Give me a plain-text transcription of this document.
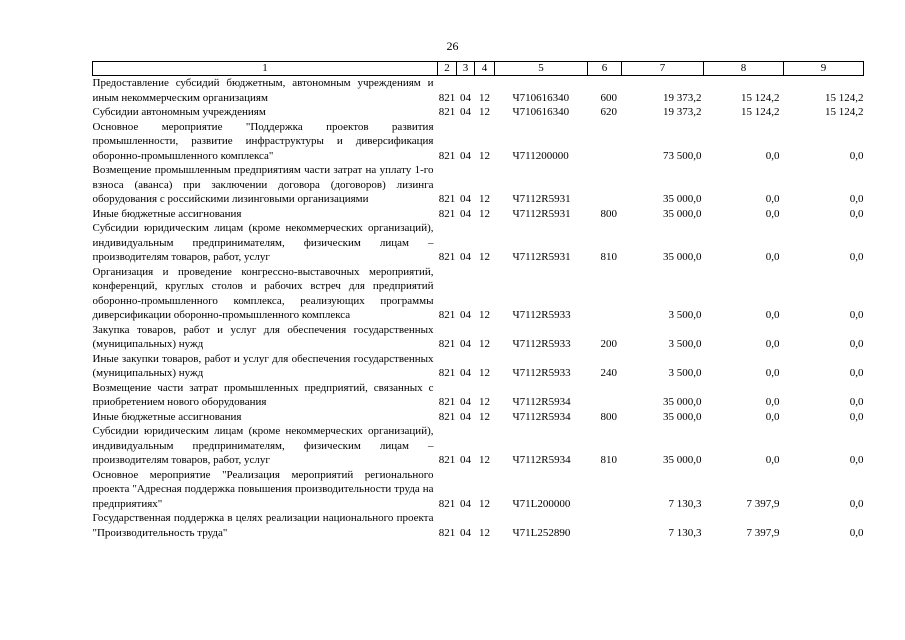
26
1	2	3	4	5	6	7	8	9
Предоставление субсидий бюджетным, автономным учреждениям и иным некоммерческим организациям	821	04	12	Ч710616340	600	19 373,2	15 124,2	15 124,2
Субсидии автономным учреждениям	821	04	12	Ч710616340	620	19 373,2	15 124,2	15 124,2
Основное мероприятие "Поддержка проектов развития промышленности, развитие инфраструктуры и диверсификация оборонно-промышленного комплекса"	821	04	12	Ч711200000		73 500,0	0,0	0,0
Возмещение промышленным предприятиям части затрат на уплату 1-го взноса (аванса) при заключении договора (договоров) лизинга оборудования с российскими лизинговыми организациями	821	04	12	Ч7112R5931		35 000,0	0,0	0,0
Иные бюджетные ассигнования	821	04	12	Ч7112R5931	800	35 000,0	0,0	0,0
Субсидии юридическим лицам (кроме некоммерческих организаций), индивидуальным предпринимателям, физическим лицам – производителям товаров, работ, услуг	821	04	12	Ч7112R5931	810	35 000,0	0,0	0,0
Организация и проведение конгрессно-выставочных мероприятий, конференций, круглых столов и рабочих встреч для предприятий оборонно-промышленного комплекса, реализующих программы диверсификации оборонно-промышленного комплекса	821	04	12	Ч7112R5933		3 500,0	0,0	0,0
Закупка товаров, работ и услуг для обеспечения государственных (муниципальных) нужд	821	04	12	Ч7112R5933	200	3 500,0	0,0	0,0
Иные закупки товаров, работ и услуг для обеспечения государственных (муниципальных) нужд	821	04	12	Ч7112R5933	240	3 500,0	0,0	0,0
Возмещение части затрат промышленных предприятий, связанных с приобретением нового оборудования	821	04	12	Ч7112R5934		35 000,0	0,0	0,0
Иные бюджетные ассигнования	821	04	12	Ч7112R5934	800	35 000,0	0,0	0,0
Субсидии юридическим лицам (кроме некоммерческих организаций), индивидуальным предпринимателям, физическим лицам – производителям товаров, работ, услуг	821	04	12	Ч7112R5934	810	35 000,0	0,0	0,0
Основное мероприятие "Реализация мероприятий регионального проекта "Адресная поддержка повышения производительности труда на предприятиях"	821	04	12	Ч71L200000		7 130,3	7 397,9	0,0
Государственная поддержка в целях реализации национального проекта "Производительность труда"	821	04	12	Ч71L252890		7 130,3	7 397,9	0,0
